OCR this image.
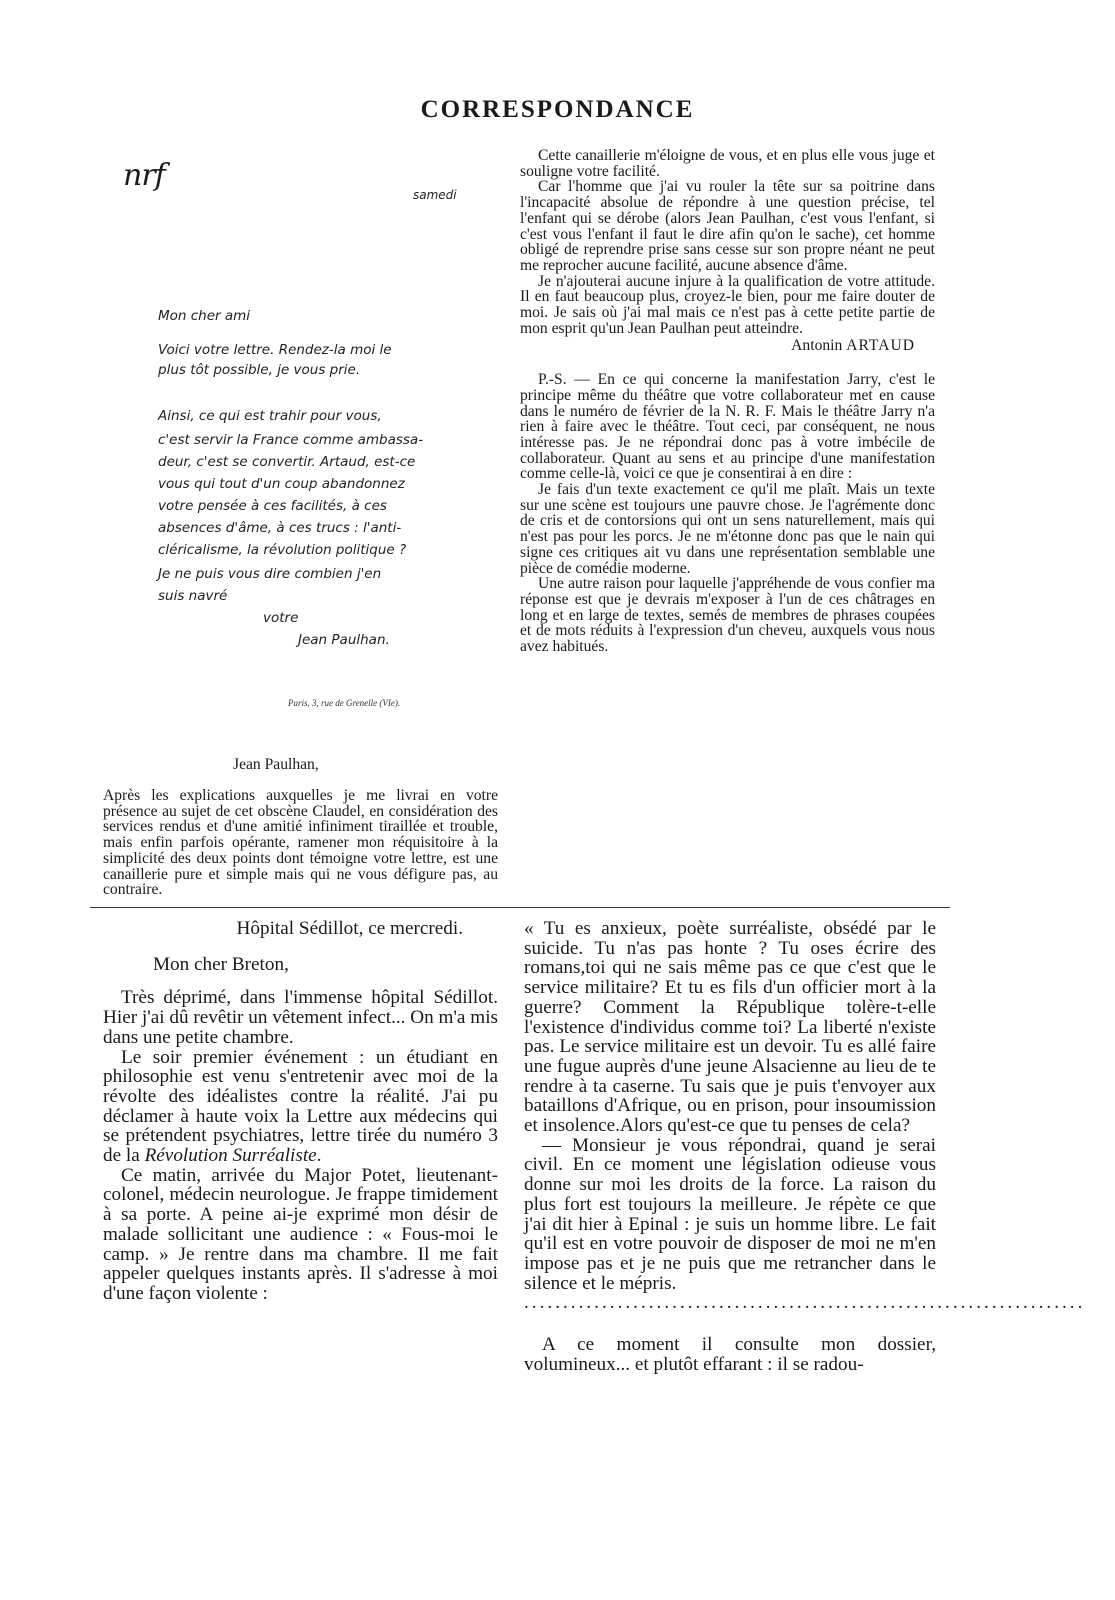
CORRESPONDANCE
nrf
samedi
Mon cher ami
Voici votre lettre. Rendez-la moi le
plus tôt possible, je vous prie.
Ainsi, ce qui est trahir pour vous,
c'est servir la France comme ambassa-
deur, c'est se convertir. Artaud, est-ce
vous qui tout d'un coup abandonnez
votre pensée à ces facilités, à ces
absences d'âme, à ces trucs : l'anti-
cléricalisme, la révolution politique ?
Je ne puis vous dire combien j'en
suis navré
votre
Jean Paulhan.
Paris, 3, rue de Grenelle (VIe).
Jean Paulhan,

Après les explications auxquelles je me livrai en votre présence au sujet de cet obscène Claudel, en considération des services rendus et d'une amitié infiniment tiraillée et trouble, mais enfin parfois opérante, ramener mon réquisitoire à la simplicité des deux points dont témoigne votre lettre, est une canaillerie pure et simple mais qui ne vous défigure pas, au contraire.

Cette canaillerie m'éloigne de vous, et en plus elle vous juge et souligne votre facilité.

Car l'homme que j'ai vu rouler la tête sur sa poitrine dans l'incapacité absolue de répondre à une question précise, tel l'enfant qui se dérobe (alors Jean Paulhan, c'est vous l'enfant, si c'est vous l'enfant il faut le dire afin qu'on le sache), cet homme obligé de reprendre prise sans cesse sur son propre néant ne peut me reprocher aucune facilité, aucune absence d'âme.

Je n'ajouterai aucune injure à la qualification de votre attitude. Il en faut beaucoup plus, croyez-le bien, pour me faire douter de moi. Je sais où j'ai mal mais ce n'est pas à cette petite partie de mon esprit qu'un Jean Paulhan peut atteindre.

Antonin ARTAUD

P.-S. — En ce qui concerne la manifestation Jarry, c'est le principe même du théâtre que votre collaborateur met en cause dans le numéro de février de la N. R. F. Mais le théâtre Jarry n'a rien à faire avec le théâtre. Tout ceci, par conséquent, ne nous intéresse pas. Je ne répondrai donc pas à votre imbécile de collaborateur. Quant au sens et au principe d'une manifestation comme celle-là, voici ce que je consentirai à en dire :

Je fais d'un texte exactement ce qu'il me plaît. Mais un texte sur une scène est toujours une pauvre chose. Je l'agrémente donc de cris et de contorsions qui ont un sens naturellement, mais qui n'est pas pour les porcs. Je ne m'étonne donc pas que le nain qui signe ces critiques ait vu dans une représentation semblable une pièce de comédie moderne.

Une autre raison pour laquelle j'appréhende de vous confier ma réponse est que je devrais m'exposer à l'un de ces châtrages en long et en large de textes, semés de membres de phrases coupées et de mots réduits à l'expression d'un cheveu, auxquels vous nous avez habitués.

Hôpital Sédillot, ce mercredi.

Mon cher Breton,

Très déprimé, dans l'immense hôpital Sédillot. Hier j'ai dû revêtir un vêtement infect... On m'a mis dans une petite chambre.

Le soir premier événement : un étudiant en philosophie est venu s'entretenir avec moi de la révolte des idéalistes contre la réalité. J'ai pu déclamer à haute voix la Lettre aux médecins qui se prétendent psychiatres, lettre tirée du numéro 3 de la Révolution Surréaliste.

Ce matin, arrivée du Major Potet, lieutenant-colonel, médecin neurologue. Je frappe timidement à sa porte. A peine ai-je exprimé mon désir de malade sollicitant une audience : « Fous-moi le camp. » Je rentre dans ma chambre. Il me fait appeler quelques instants après. Il s'adresse à moi d'une façon violente :

« Tu es anxieux, poète surréaliste, obsédé par le suicide. Tu n'as pas honte ? Tu oses écrire des romans,toi qui ne sais même pas ce que c'est que le service militaire? Et tu es fils d'un officier mort à la guerre? Comment la République tolère-t-elle l'existence d'individus comme toi? La liberté n'existe pas. Le service militaire est un devoir. Tu es allé faire une fugue auprès d'une jeune Alsacienne au lieu de te rendre à ta caserne. Tu sais que je puis t'envoyer aux bataillons d'Afrique, ou en prison, pour insoumission et insolence.Alors qu'est-ce que tu penses de cela?

— Monsieur je vous répondrai, quand je serai civil. En ce moment une législation odieuse vous donne sur moi les droits de la force. La raison du plus fort est toujours la meilleure. Je répète ce que j'ai dit hier à Epinal : je suis un homme libre. Le fait qu'il est en votre pouvoir de disposer de moi ne m'en impose pas et je ne puis que me retrancher dans le silence et le mépris.

........................................................................

A ce moment il consulte mon dossier, volumineux... et plutôt effarant : il se radou-
